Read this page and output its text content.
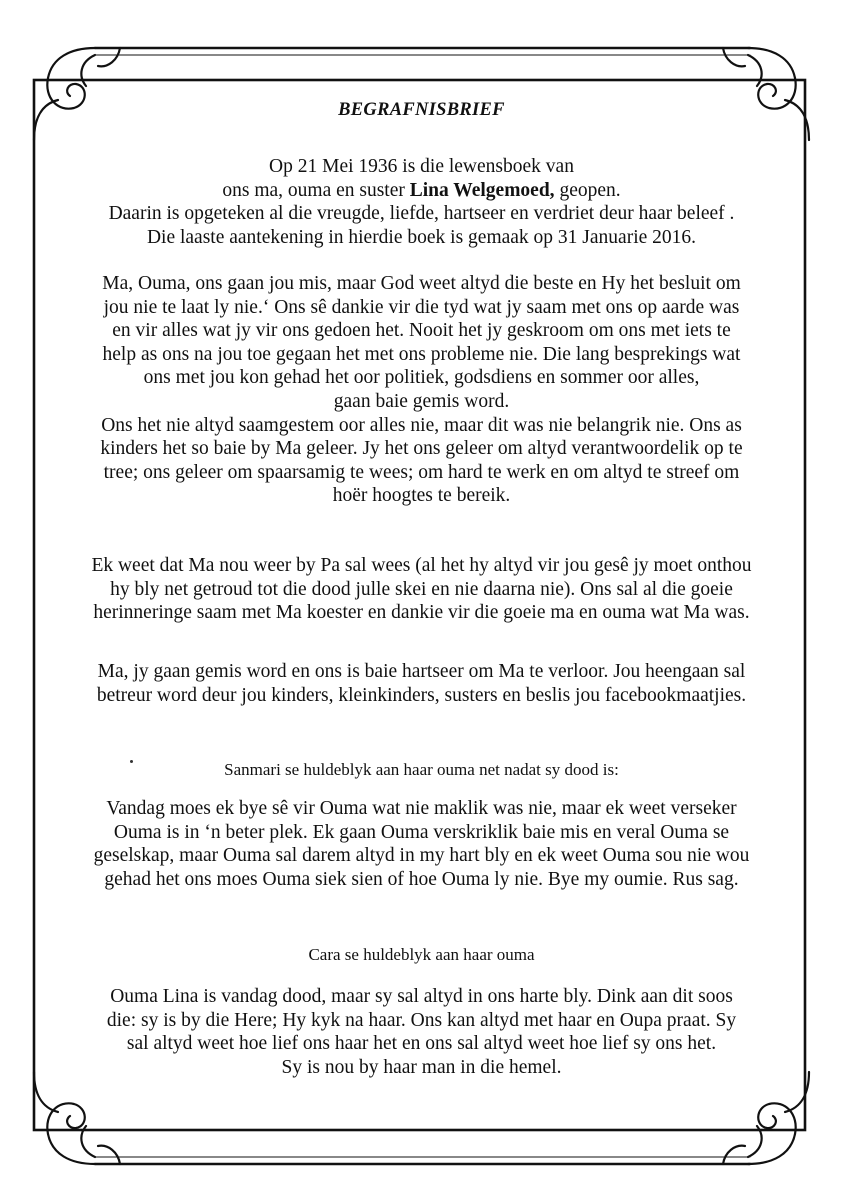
BEGRAFNISBRIEF

Op 21 Mei 1936 is die lewensboek van
ons ma, ouma en suster Lina Welgemoed, geopen.
Daarin is opgeteken al die vreugde, liefde, hartseer en verdriet deur haar beleef .
Die laaste aantekening in hierdie boek is gemaak op 31 Januarie 2016.

Ma, Ouma, ons gaan jou mis, maar God weet altyd die beste en Hy het besluit om
jou nie te laat ly nie.‘ Ons sê dankie vir die tyd wat jy saam met ons op aarde was
en vir alles wat jy vir ons gedoen het. Nooit het jy geskroom om ons met iets te
help as ons na jou toe gegaan het met ons probleme nie. Die lang besprekings wat
ons met jou kon gehad het oor politiek, godsdiens en sommer oor alles,
gaan baie gemis word.
Ons het nie altyd saamgestem oor alles nie, maar dit was nie belangrik nie. Ons as
kinders het so baie by Ma geleer. Jy het ons geleer om altyd verantwoordelik op te
tree; ons geleer om spaarsamig te wees; om hard te werk en om altyd te streef om
hoër hoogtes te bereik.

Ek weet dat Ma nou weer by Pa sal wees (al het hy altyd vir jou gesê jy moet onthou
hy bly net getroud tot die dood julle skei en nie daarna nie). Ons sal al die goeie
herinneringe saam met Ma koester en dankie vir die goeie ma en ouma wat Ma was.

Ma, jy gaan gemis word en ons is baie hartseer om Ma te verloor. Jou heengaan sal
betreur word deur jou kinders, kleinkinders, susters en beslis jou facebookmaatjies.

Sanmari se huldeblyk aan haar ouma net nadat sy dood is:

Vandag moes ek bye sê vir Ouma wat nie maklik was nie, maar ek weet verseker
Ouma is in ‘n beter plek. Ek gaan Ouma verskriklik baie mis en veral Ouma se
geselskap, maar Ouma sal darem altyd in my hart bly en ek weet Ouma sou nie wou
gehad het ons moes Ouma siek sien of hoe Ouma ly nie. Bye my oumie. Rus sag.

Cara se huldeblyk aan haar ouma

Ouma Lina is vandag dood, maar sy sal altyd in ons harte bly. Dink aan dit soos
die: sy is by die Here; Hy kyk na haar. Ons kan altyd met haar en Oupa praat. Sy
sal altyd weet hoe lief ons haar het en ons sal altyd weet hoe lief sy ons het.
Sy is nou by haar man in die hemel.
